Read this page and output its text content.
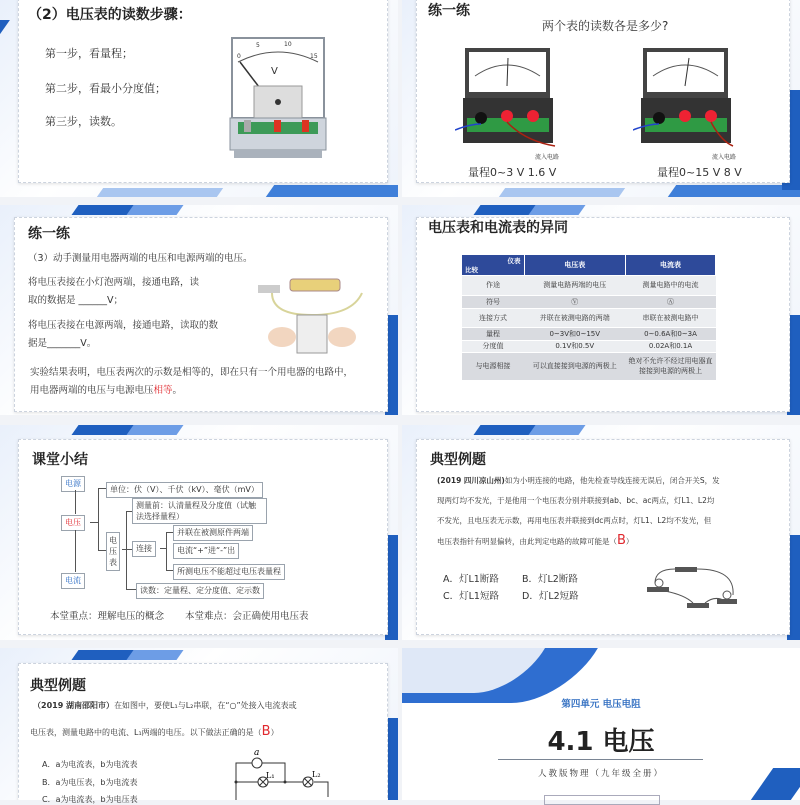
（2）电压表的读数步骤：
第一步，看量程；
第二步，看最小分度值；
第三步，读数。
0
5	10
15
V
练一练
两个表的读数各是多少?
流入电路	流入电路
量程0~3 V 1.6 V	量程0~15 V 8 V
练一练
（3）动手测量用电器两端的电压和电源两端的电压。
将电压表接在小灯泡两端，接通电路，读
取的数据是 ______V；
将电压表接在电源两端，接通电路，读取的数
据是_______V。
实验结果表明，电压表两次的示数是相等的，即在只有一个用电器的电路中，
用电器两端的电压与电源电压相等。
电压表和电流表的异同
仪表
比较	电压表	电流表
作途	测量电路两端的电压	测量电路中的电流
符号	Ⓥ	Ⓐ
连接方式	并联在被测电路的两端	串联在被测电路中
量程	0~3V和0~15V	0~0.6A和0~3A
分度值	0.1V和0.5V	0.02A和0.1A
与电源相接	可以直接接到电源的两极上	绝对不允许不经过用电器直接接到电源的两极上
课堂小结
电源
电压
电流
单位：伏（V）、千伏（kV）、毫伏（mV）
电压表
测量前：认清量程及分度值（试触法选择量程）
连接
并联在被测原件两端
电流“+”进“-”出
所测电压不能超过电压表量程
读数：定量程、定分度值、定示数
本堂重点：理解电压的概念 本堂难点：会正确使用电压表
典型例题
(2019 四川凉山州)如为小明连接的电路，他先检查导线连接无误后，闭合开关S，发
现两灯均不发光，于是他用一个电压表分别并联接到ab、bc、ac两点，灯L1、L2均
不发光，且电压表无示数，再用电压表并联接到dc两点时，灯L1、L2均不发光，但
电压表指针有明显偏转，由此判定电路的故障可能是（B）
A．灯L1断路 B．灯L2断路
C．灯L1短路 D．灯L2短路
典型例题
（2019 湖南邵阳市）在如图中，要使L₁与L₂串联，在“○”处接入电流表或
电压表，测量电路中的电流、L₁两端的电压。以下做法正确的是（B）
A．a为电流表，b为电流表
B．a为电压表，b为电流表
C．a为电流表，b为电压表
a
L₁	L₂
第四单元 电压电阻
4.1 电压
人教版物理（九年级全册）
